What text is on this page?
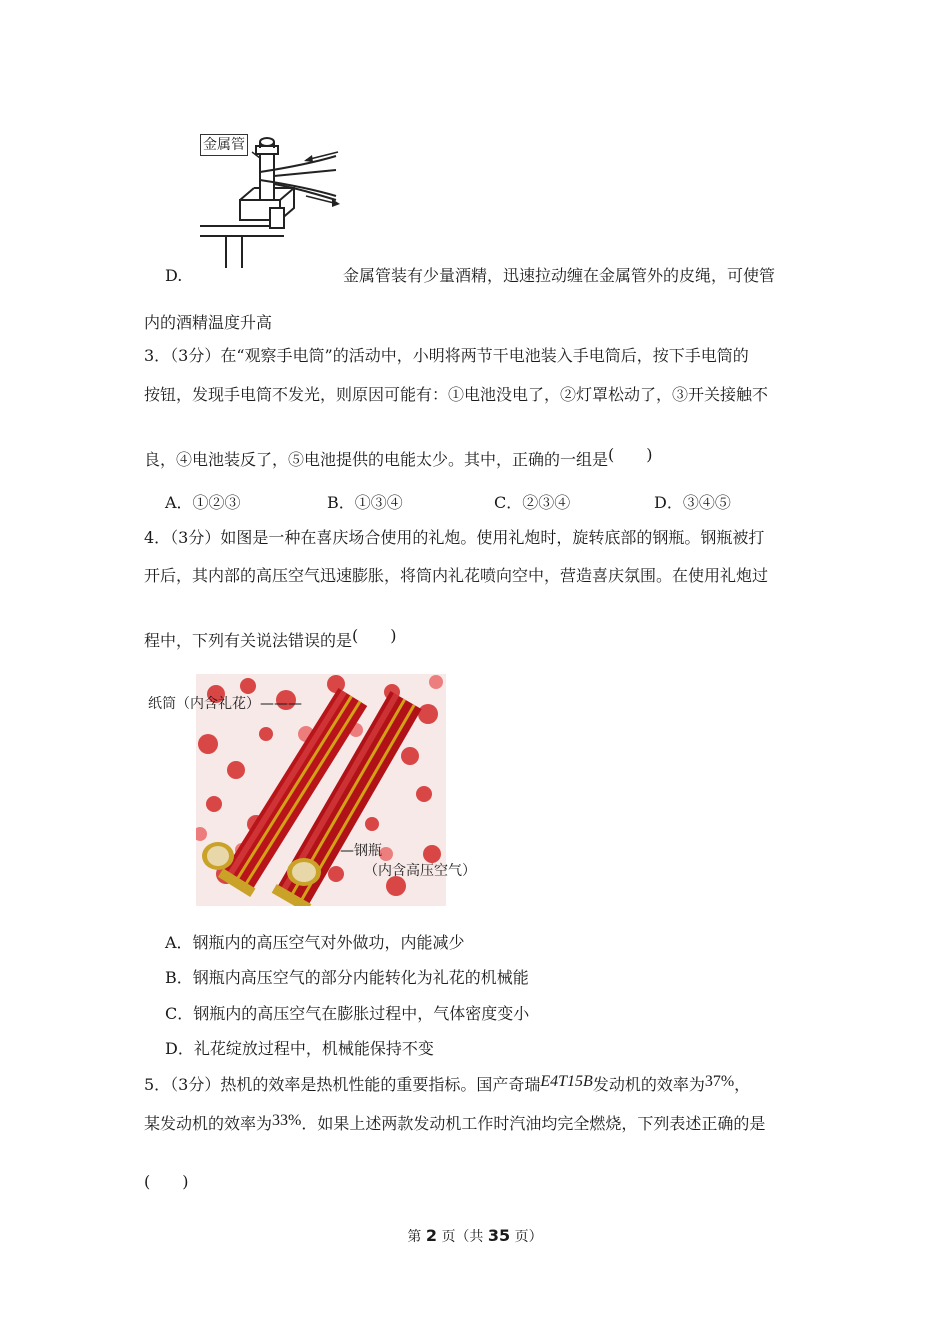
金属管
D.	金属管装有少量酒精，迅速拉动缠在金属管外的皮绳，可使管
内的酒精温度升高
3．（3分）在“观察手电筒”的活动中，小明将两节干电池装入手电筒后，按下手电筒的
按钮，发现手电筒不发光，则原因可能有：①电池没电了，②灯罩松动了，③开关接触不
良，④电池装反了，⑤电池提供的电能太少。其中，正确的一组是(　　)
A．①②③	B．①③④	C．②③④	D．③④⑤
4．（3分）如图是一种在喜庆场合使用的礼炮。使用礼炮时，旋转底部的钢瓶。钢瓶被打
开后，其内部的高压空气迅速膨胀，将筒内礼花喷向空中，营造喜庆氛围。在使用礼炮过
程中，下列有关说法错误的是(　　)
纸筒（内含礼花）———
—钢瓶
（内含高压空气）
A．钢瓶内的高压空气对外做功，内能减少
B．钢瓶内高压空气的部分内能转化为礼花的机械能
C．钢瓶内的高压空气在膨胀过程中，气体密度变小
D．礼花绽放过程中，机械能保持不变
5．（3分）热机的效率是热机性能的重要指标。国产奇瑞E4T15B发动机的效率为37%，
某发动机的效率为33%．如果上述两款发动机工作时汽油均完全燃烧，下列表述正确的是
(　　)
第 2 页（共 35 页）
